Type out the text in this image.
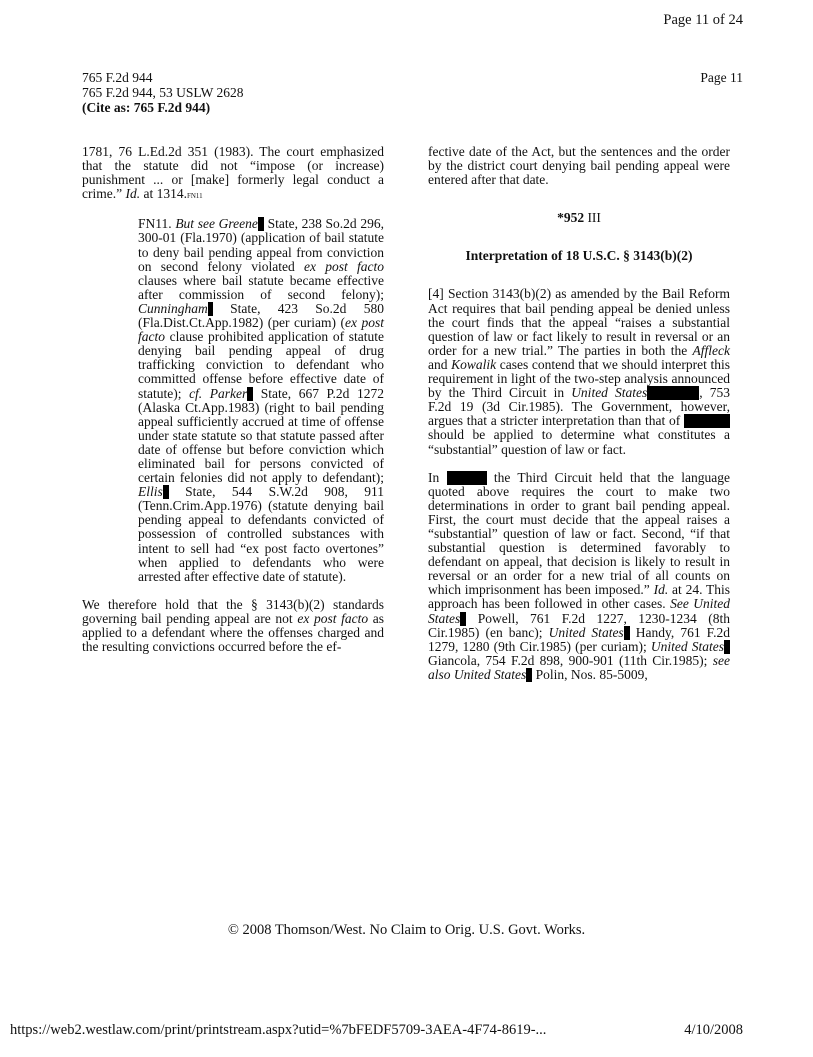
Page 11 of 24
765 F.2d 944
765 F.2d 944, 53 USLW 2628
(Cite as: 765 F.2d 944)
Page 11

1781, 76 L.Ed.2d 351 (1983). The court emphasized that the statute did not “impose (or increase) punishment ... or [make] formerly legal conduct a crime.” Id. at 1314.FN11

FN11. But see Greene State, 238 So.2d 296, 300-01 (Fla.1970) (application of bail statute to deny bail pending appeal from conviction on second felony violated ex post facto clauses where bail statute became effective after commission of second felony); Cunningham State, 423 So.2d 580 (Fla.Dist.Ct.App.1982) (per curiam) (ex post facto clause prohibited application of statute denying bail pending appeal of drug trafficking conviction to defendant who committed offense before effective date of statute); cf. Parker State, 667 P.2d 1272 (Alaska Ct.App.1983) (right to bail pending appeal sufficiently accrued at time of offense under state statute so that statute passed after date of offense but before conviction which eliminated bail for persons convicted of certain felonies did not apply to defendant); Ellis State, 544 S.W.2d 908, 911 (Tenn.Crim.App.1976) (statute denying bail pending appeal to defendants convicted of possession of controlled substances with intent to sell had “ex post facto overtones” when applied to defendants who were arrested after effective date of statute).

We therefore hold that the § 3143(b)(2) standards governing bail pending appeal are not ex post facto as applied to a defendant where the offenses charged and the resulting convictions occurred before the ef-

fective date of the Act, but the sentences and the order by the district court denying bail pending appeal were entered after that date.

*952 III

Interpretation of 18 U.S.C. § 3143(b)(2)

[4] Section 3143(b)(2) as amended by the Bail Reform Act requires that bail pending appeal be denied unless the court finds that the appeal “raises a substantial question of law or fact likely to result in reversal or an order for a new trial.” The parties in both the Affleck and Kowalik cases contend that we should interpret this requirement in light of the two-step analysis announced by the Third Circuit in United States	, 753 F.2d 19 (3d Cir.1985). The Government, however, argues that a stricter interpretation than that of  should be applied to determine what constitutes a “substantial” question of law or fact.

In	the Third Circuit held that the language quoted above requires the court to make two determinations in order to grant bail pending appeal. First, the court must decide that the appeal raises a “substantial” question of law or fact. Second, “if that substantial question is determined favorably to defendant on appeal, that decision is likely to result in reversal or an order for a new trial of all counts on which imprisonment has been imposed.” Id. at 24. This approach has been followed in other cases. See United States Powell, 761 F.2d 1227, 1230-1234 (8th Cir.1985) (en banc); United States Handy, 761 F.2d 1279, 1280 (9th Cir.1985) (per curiam); United States Giancola, 754 F.2d 898, 900-901 (11th Cir.1985); see also United States Polin, Nos. 85-5009,

© 2008 Thomson/West. No Claim to Orig. U.S. Govt. Works.
https://web2.westlaw.com/print/printstream.aspx?utid=%7bFEDF5709-3AEA-4F74-8619-...	4/10/2008
